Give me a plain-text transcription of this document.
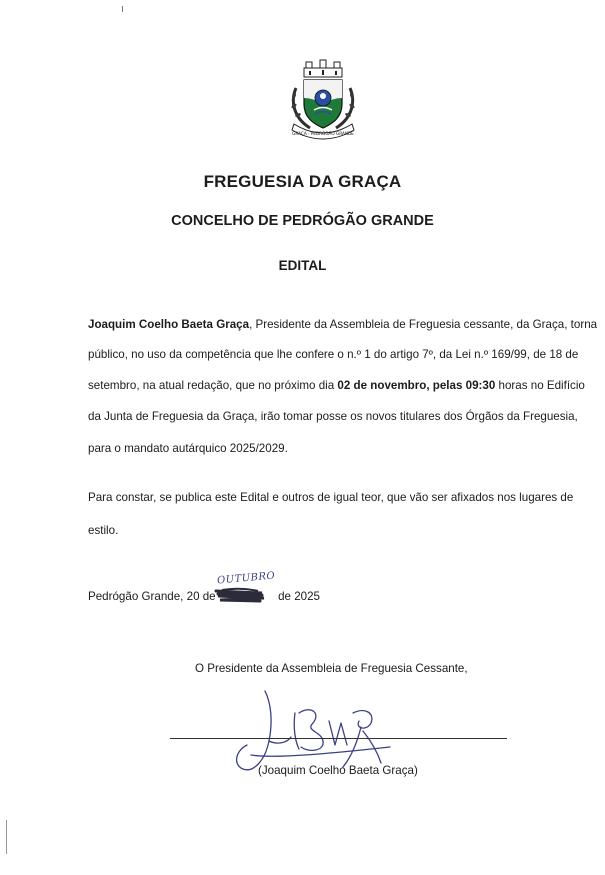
GRAÇA · PEDRÓGÃO GRANDE
FREGUESIA DA GRAÇA
CONCELHO DE PEDRÓGÃO GRANDE
EDITAL
Joaquim Coelho Baeta Graça, Presidente da Assembleia de Freguesia cessante, da Graça, torna
público, no uso da competência que lhe confere o n.º 1 do artigo 7º, da Lei n.º 169/99, de 18 de
setembro, na atual redação, que no próximo dia 02 de novembro, pelas 09:30 horas no Edifício
da Junta de Freguesia da Graça, irão tomar posse os novos titulares dos Órgãos da Freguesia,
para o mandato autárquico 2025/2029.
Para constar, se publica este Edital e outros de igual teor, que vão ser afixados nos lugares de
estilo.
Pedrógão Grande, 20 de	de 2025
OUTUBRO
O Presidente da Assembleia de Freguesia Cessante,
(Joaquim Coelho Baeta Graça)
